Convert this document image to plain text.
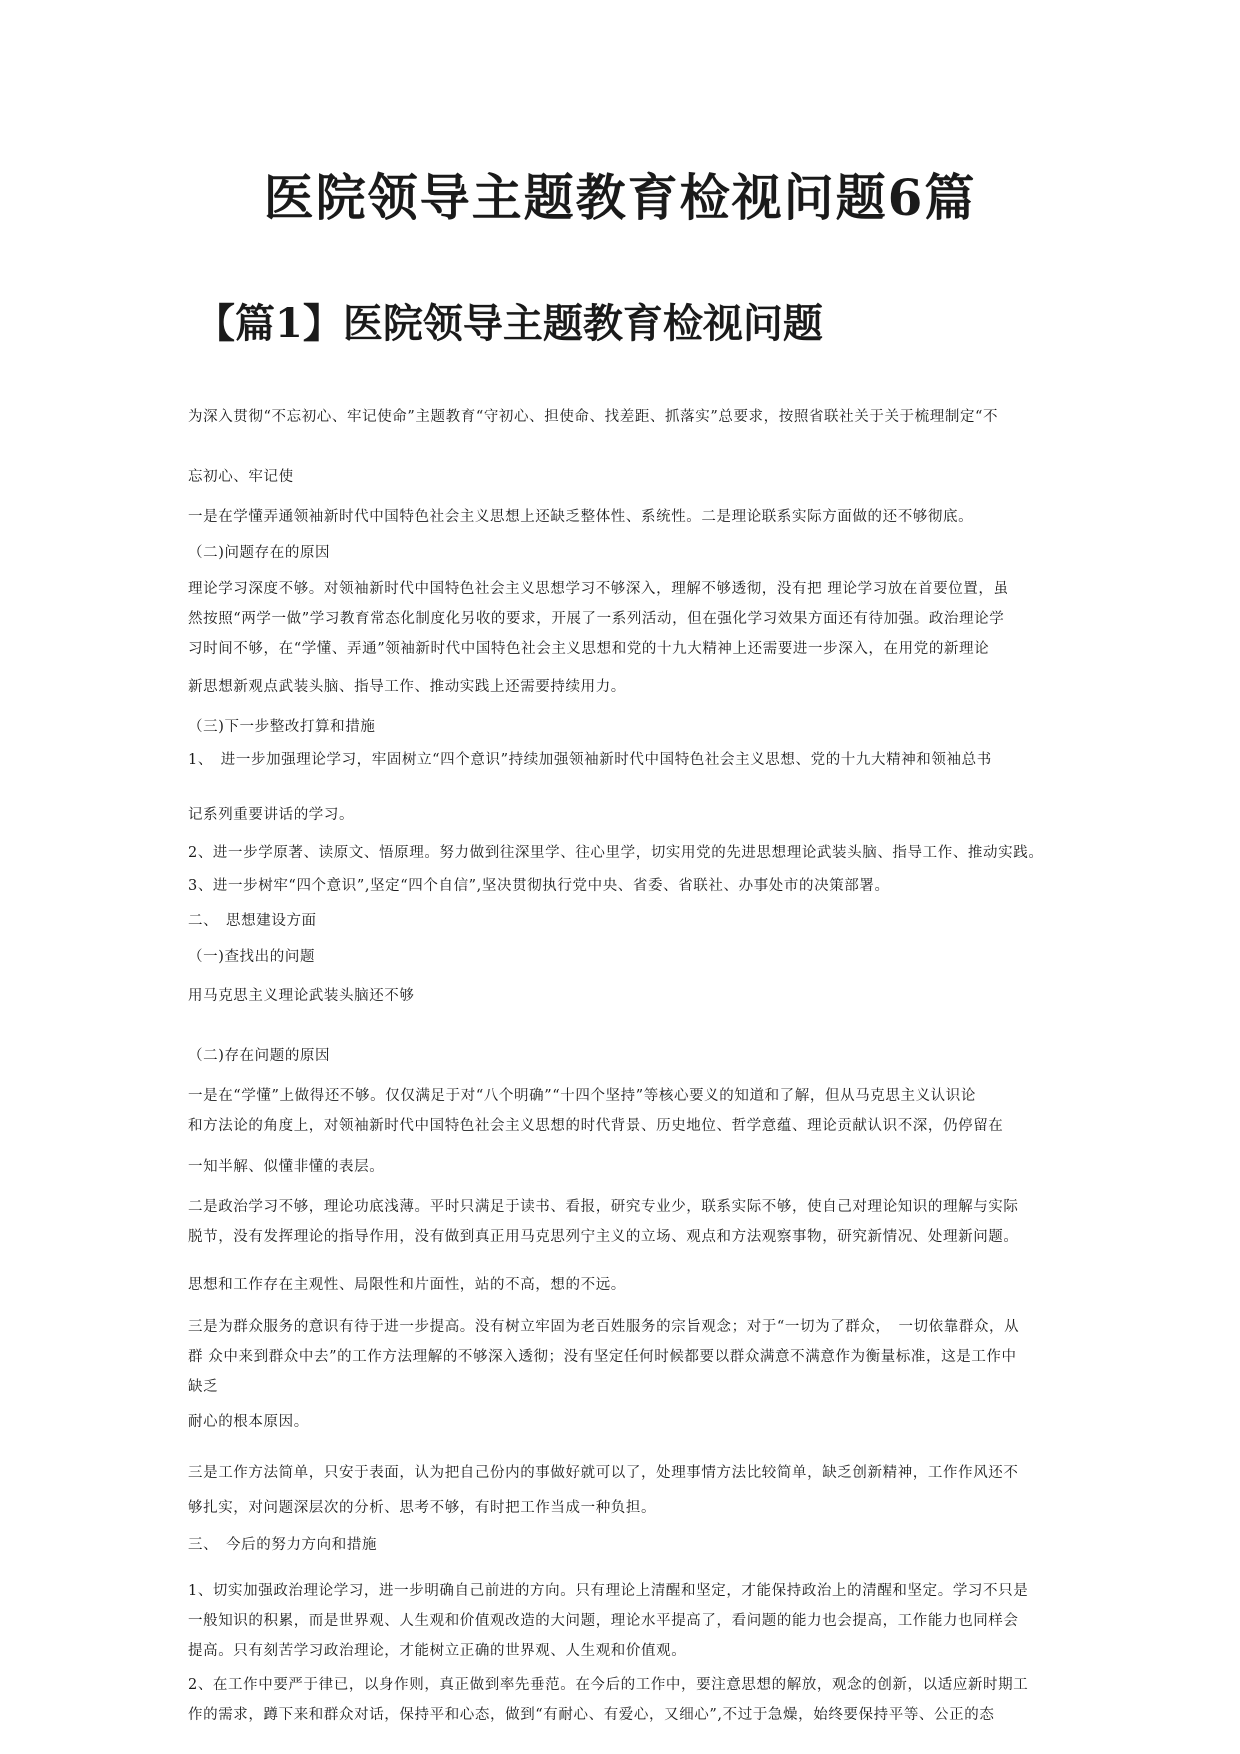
医院领导主题教育检视问题6篇
【篇1】医院领导主题教育检视问题
为深入贯彻“不忘初心、牢记使命”主题教育“守初心、担使命、找差距、抓落实”总要求，按照省联社关于关于梳理制定“不
忘初心、牢记使
一是在学懂弄通领袖新时代中国特色社会主义思想上还缺乏整体性、系统性。二是理论联系实际方面做的还不够彻底。
（二)问题存在的原因
理论学习深度不够。对领袖新时代中国特色社会主义思想学习不够深入，理解不够透彻，没有把 理论学习放在首要位置，虽
然按照“两学一做”学习教育常态化制度化另收的要求，开展了一系列活动，但在强化学习效果方面还有待加强。政治理论学
习时间不够，在“学懂、弄通”领袖新时代中国特色社会主义思想和党的十九大精神上还需要进一步深入，在用党的新理论
新思想新观点武装头脑、指导工作、推动实践上还需要持续用力。
（三)下一步整改打算和措施
1、　进一步加强理论学习，牢固树立“四个意识”持续加强领袖新时代中国特色社会主义思想、党的十九大精神和领袖总书
记系列重要讲话的学习。
2、进一步学原著、读原文、悟原理。努力做到往深里学、往心里学，切实用党的先进思想理论武装头脑、指导工作、推动实践。
3、进一步树牢“四个意识”,坚定“四个自信”,坚决贯彻执行党中央、省委、省联社、办事处市的决策部署。
二、　思想建设方面
（一)查找出的问题
用马克思主义理论武装头脑还不够
（二)存在问题的原因
一是在“学懂”上做得还不够。仅仅满足于对“八个明确”“十四个坚持”等核心要义的知道和了解，但从马克思主义认识论
和方法论的角度上，对领袖新时代中国特色社会主义思想的时代背景、历史地位、哲学意蕴、理论贡献认识不深，仍停留在
一知半解、似懂非懂的表层。
二是政治学习不够，理论功底浅薄。平时只满足于读书、看报，研究专业少，联系实际不够，使自己对理论知识的理解与实际
脱节，没有发挥理论的指导作用，没有做到真正用马克思列宁主义的立场、观点和方法观察事物，研究新情况、处理新问题。
思想和工作存在主观性、局限性和片面性，站的不高，想的不远。
三是为群众服务的意识有待于进一步提高。没有树立牢固为老百姓服务的宗旨观念；对于“一切为了群众，　一切依靠群众，从
群 众中来到群众中去”的工作方法理解的不够深入透彻；没有坚定任何时候都要以群众满意不满意作为衡量标准，这是工作中
缺乏
耐心的根本原因。
三是工作方法简单，只安于表面，认为把自己份内的事做好就可以了，处理事情方法比较简单，缺乏创新精神，工作作风还不
够扎实，对问题深层次的分析、思考不够，有时把工作当成一种负担。
三、　今后的努力方向和措施
1、切实加强政治理论学习，进一步明确自己前进的方向。只有理论上清醒和坚定，才能保持政治上的清醒和坚定。学习不只是
一般知识的积累，而是世界观、人生观和价值观改造的大问题，理论水平提高了，看问题的能力也会提高，工作能力也同样会
提高。只有刻苦学习政治理论，才能树立正确的世界观、人生观和价值观。
2、在工作中要严于律已，以身作则，真正做到率先垂范。在今后的工作中，要注意思想的解放，观念的创新，以适应新时期工
作的需求，蹲下来和群众对话，保持平和心态，做到“有耐心、有爱心，又细心”,不过于急燥，始终要保持平等、公正的态
